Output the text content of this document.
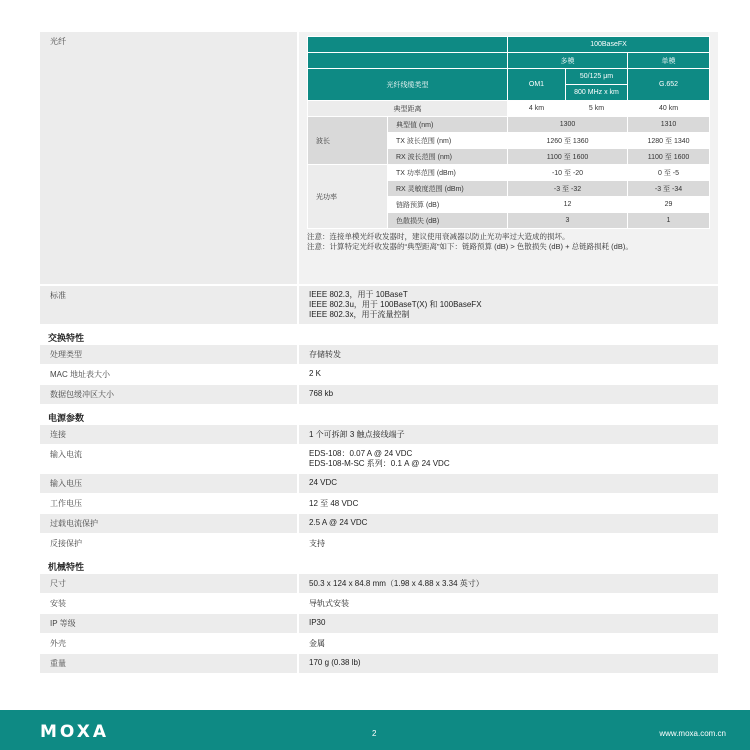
光纤
		100BaseFX		
		多模		单模
光纤线缆类型		OM1	50/125 μm	G.652
			800 MHz x km	
典型距离		4 km	5 km	40 km
波长	典型值 (nm)	1300		1310
	TX 波长范围 (nm)	1260 至 1360		1280 至 1340
	RX 波长范围 (nm)	1100 至 1600		1100 至 1600
光功率	TX 功率范围 (dBm)	-10 至 -20		0 至 -5
	RX 灵敏度范围 (dBm)	-3 至 -32		-3 至 -34
	链路预算 (dB)	12		29
	色散损失 (dB)	3		1
注意：连接单模光纤收发器时，建议使用衰减器以防止光功率过大造成的损坏。
注意：计算特定光纤收发器的“典型距离”如下：链路预算 (dB) > 色散损失 (dB) + 总链路损耗 (dB)。
标准	IEEE 802.3，用于 10BaseT
IEEE 802.3u，用于 100BaseT(X) 和 100BaseFX
IEEE 802.3x，用于流量控制
交换特性
处理类型	存储转发
MAC 地址表大小	2 K
数据包缓冲区大小	768 kb
电源参数
连接	1 个可拆卸 3 触点接线端子
输入电流	EDS-108：0.07 A @ 24 VDC
EDS-108-M-SC 系列：0.1 A @ 24 VDC
输入电压	24 VDC
工作电压	12 至 48 VDC
过载电流保护	2.5 A @ 24 VDC
反接保护	支持
机械特性
尺寸	50.3 x 124 x 84.8 mm（1.98 x 4.88 x 3.34 英寸）
安装	导轨式安装
IP 等级	IP30
外壳	金属
重量	170 g (0.38 lb)
MOXA	2	www.moxa.com.cn
